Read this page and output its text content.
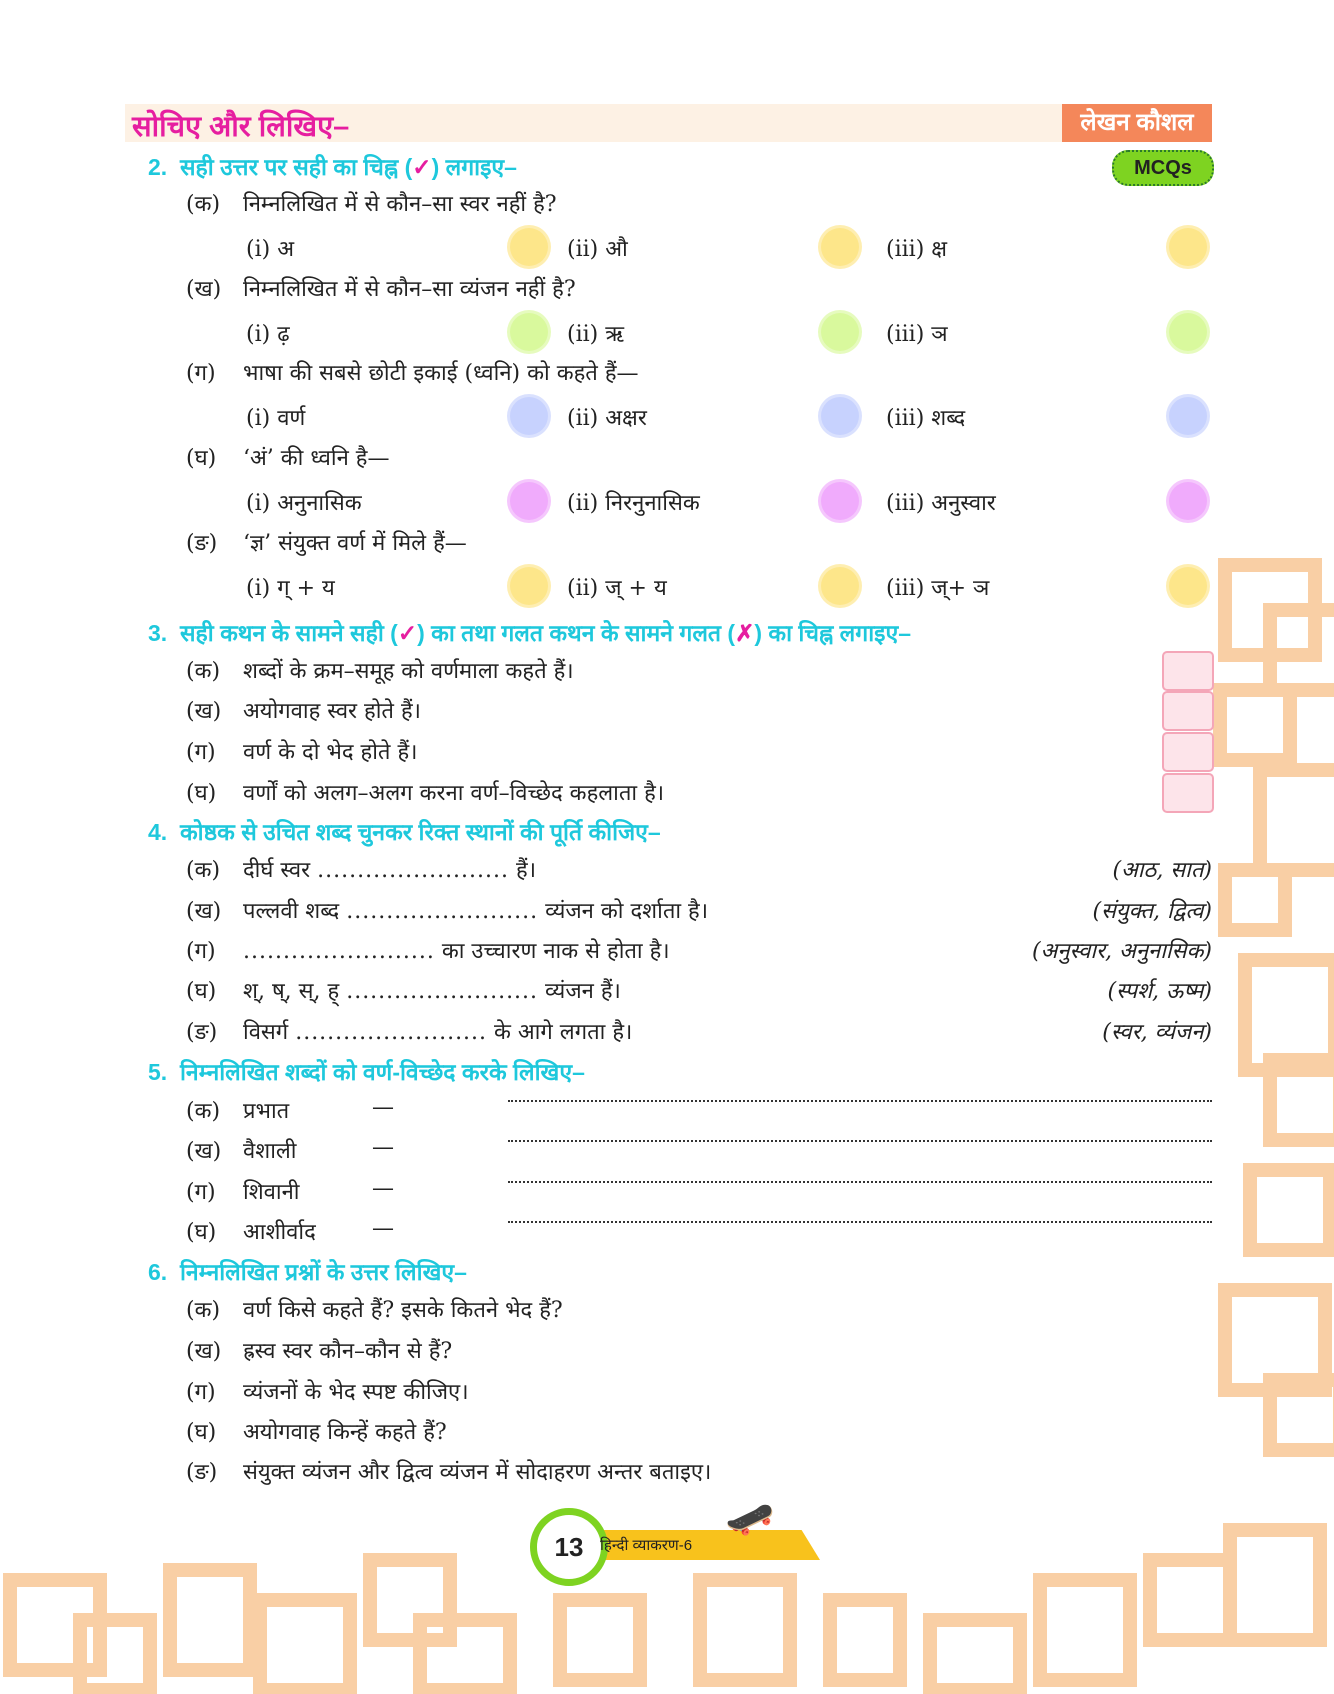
सोचिए और लिखिए–	लेखन कौशल
MCQs
2. सही उत्तर पर सही का चिह्न (✓) लगाइए–
3. सही कथन के सामने सही (✓) का तथा गलत कथन के सामने गलत (✗) का चिह्न लगाइए–
4. कोष्ठक से उचित शब्द चुनकर रिक्त स्थानों की पूर्ति कीजिए–
5. निम्नलिखित शब्दों को वर्ण-विच्छेद करके लिखिए–
6. निम्नलिखित प्रश्नों के उत्तर लिखिए–
13	हिन्दी व्याकरण-6
🛹
(क) निम्नलिखित में से कौन–सा स्वर नहीं है?
(i) अ	(ii) औ	(iii) क्ष
(ख) निम्नलिखित में से कौन–सा व्यंजन नहीं है?
(i) ढ़	(ii) ऋ	(iii) ञ
(ग) भाषा की सबसे छोटी इकाई (ध्वनि) को कहते हैं—
(i) वर्ण	(ii) अक्षर	(iii) शब्द
(घ) ‘अं’ की ध्वनि है—
(i) अनुनासिक	(ii) निरनुनासिक	(iii) अनुस्वार
(ङ) ‘ज्ञ’ संयुक्त वर्ण में मिले हैं—
(i) ग् + य	(ii) ज् + य	(iii) ज्+ ञ
(क) शब्दों के क्रम–समूह को वर्णमाला कहते हैं।
(ख) अयोगवाह स्वर होते हैं।
(ग) वर्ण के दो भेद होते हैं।
(घ) वर्णों को अलग–अलग करना वर्ण–विच्छेद कहलाता है।
(क) दीर्घ स्वर ........................ हैं।	(आठ, सात)
(ख) पल्लवी शब्द ........................ व्यंजन को दर्शाता है।	(संयुक्त, द्वित्व)
(ग) ........................ का उच्चारण नाक से होता है।	(अनुस्वार, अनुनासिक)
(घ) श्, ष्, स्, ह् ........................ व्यंजन हैं।	(स्पर्श, ऊष्म)
(ङ) विसर्ग ........................ के आगे लगता है।	(स्वर, व्यंजन)
(क) प्रभात	—
(ख) वैशाली	—
(ग) शिवानी	—
(घ) आशीर्वाद	—
(क) वर्ण किसे कहते हैं? इसके कितने भेद हैं?
(ख) ह्रस्व स्वर कौन–कौन से हैं?
(ग) व्यंजनों के भेद स्पष्ट कीजिए।
(घ) अयोगवाह किन्हें कहते हैं?
(ङ) संयुक्त व्यंजन और द्वित्व व्यंजन में सोदाहरण अन्तर बताइए।
